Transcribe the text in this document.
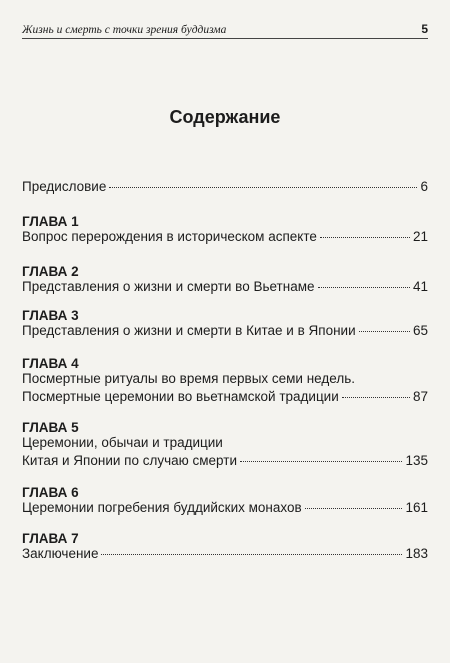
Жизнь и смерть с точки зрения буддизма	5
Содержание
Предисловие	6
ГЛАВА 1
Вопрос перерождения в историческом аспекте	21
ГЛАВА 2
Представления о жизни и смерти во Вьетнаме	41
ГЛАВА 3
Представления о жизни и смерти в Китае и в Японии	65
ГЛАВА 4
Посмертные ритуалы во время первых семи недель.
Посмертные церемонии во вьетнамской традиции	87
ГЛАВА 5
Церемонии, обычаи и традиции
Китая и Японии по случаю смерти	135
ГЛАВА 6
Церемонии погребения буддийских монахов	161
ГЛАВА 7
Заключение	183
